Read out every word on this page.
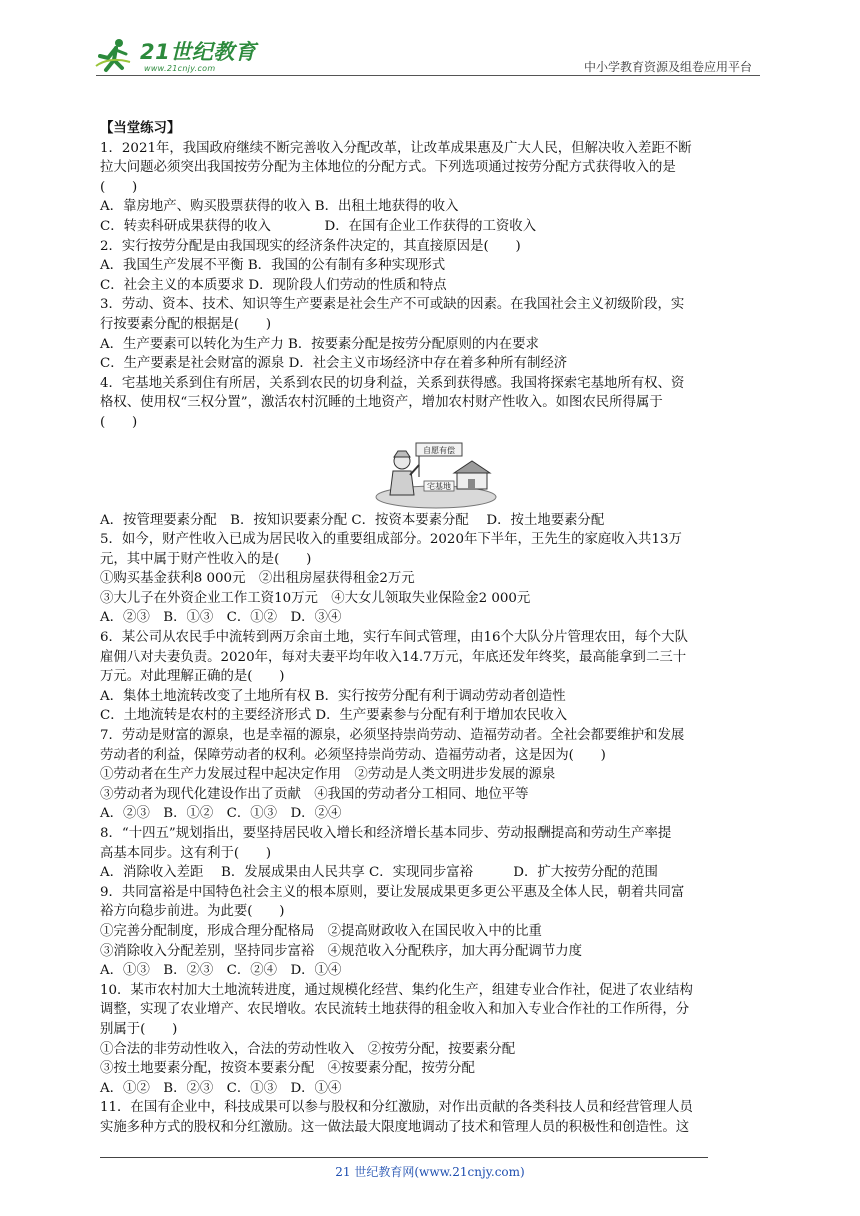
21世纪教育
www.21cnjy.com	中小学教育资源及组卷应用平台

【当堂练习】

1．2021年，我国政府继续不断完善收入分配改革，让改革成果惠及广大人民，但解决收入差距不断

拉大问题必须突出我国按劳分配为主体地位的分配方式。下列选项通过按劳分配方式获得收入的是

(　　)

A．靠房地产、购买股票获得的收入 B．出租土地获得的收入

C．转卖科研成果获得的收入　　　　D．在国有企业工作获得的工资收入

2．实行按劳分配是由我国现实的经济条件决定的，其直接原因是(　　)

A．我国生产发展不平衡 B．我国的公有制有多种实现形式

C．社会主义的本质要求 D．现阶段人们劳动的性质和特点

3．劳动、资本、技术、知识等生产要素是社会生产不可或缺的因素。在我国社会主义初级阶段，实

行按要素分配的根据是(　　)

A．生产要素可以转化为生产力 B．按要素分配是按劳分配原则的内在要求

C．生产要素是社会财富的源泉 D．社会主义市场经济中存在着多种所有制经济

4．宅基地关系到住有所居，关系到农民的切身利益，关系到获得感。我国将探索宅基地所有权、资

格权、使用权“三权分置”，激活农村沉睡的土地资产，增加农村财产性收入。如图农民所得属于

(　　)

自愿有偿
宅基地

A．按管理要素分配　B．按知识要素分配 C．按资本要素分配　 D．按土地要素分配

5．如今，财产性收入已成为居民收入的重要组成部分。2020年下半年，王先生的家庭收入共13万

元，其中属于财产性收入的是(　　)

①购买基金获利8 000元　②出租房屋获得租金2万元

③大儿子在外资企业工作工资10万元　④大女儿领取失业保险金2 000元

A．②③　B．①③　C．①②　D．③④

6．某公司从农民手中流转到两万余亩土地，实行车间式管理，由16个大队分片管理农田，每个大队

雇佣八对夫妻负责。2020年，每对夫妻平均年收入14.7万元，年底还发年终奖，最高能拿到二三十

万元。对此理解正确的是(　　)

A．集体土地流转改变了土地所有权 B．实行按劳分配有利于调动劳动者创造性

C．土地流转是农村的主要经济形式 D．生产要素参与分配有利于增加农民收入

7．劳动是财富的源泉，也是幸福的源泉，必须坚持崇尚劳动、造福劳动者。全社会都要维护和发展

劳动者的利益，保障劳动者的权利。必须坚持崇尚劳动、造福劳动者，这是因为(　　)

①劳动者在生产力发展过程中起决定作用　②劳动是人类文明进步发展的源泉

③劳动者为现代化建设作出了贡献　④我国的劳动者分工相同、地位平等

A．②③　B．①②　C．①③　D．②④

8．“十四五”规划指出，要坚持居民收入增长和经济增长基本同步、劳动报酬提高和劳动生产率提

高基本同步。这有利于(　　)

A．消除收入差距　 B．发展成果由人民共享 C．实现同步富裕　　　D．扩大按劳分配的范围

9．共同富裕是中国特色社会主义的根本原则，要让发展成果更多更公平惠及全体人民，朝着共同富

裕方向稳步前进。为此要(　　)

①完善分配制度，形成合理分配格局　②提高财政收入在国民收入中的比重

③消除收入分配差别，坚持同步富裕　④规范收入分配秩序，加大再分配调节力度

A．①③　B．②③　C．②④　D．①④

10．某市农村加大土地流转进度，通过规模化经营、集约化生产，组建专业合作社，促进了农业结构

调整，实现了农业增产、农民增收。农民流转土地获得的租金收入和加入专业合作社的工作所得，分

别属于(　　)

①合法的非劳动性收入，合法的劳动性收入　②按劳分配，按要素分配

③按土地要素分配，按资本要素分配　④按要素分配，按劳分配

A．①②　B．②③　C．①③　D．①④

11．在国有企业中，科技成果可以参与股权和分红激励，对作出贡献的各类科技人员和经营管理人员

实施多种方式的股权和分红激励。这一做法最大限度地调动了技术和管理人员的积极性和创造性。这

21 世纪教育网(www.21cnjy.com)
